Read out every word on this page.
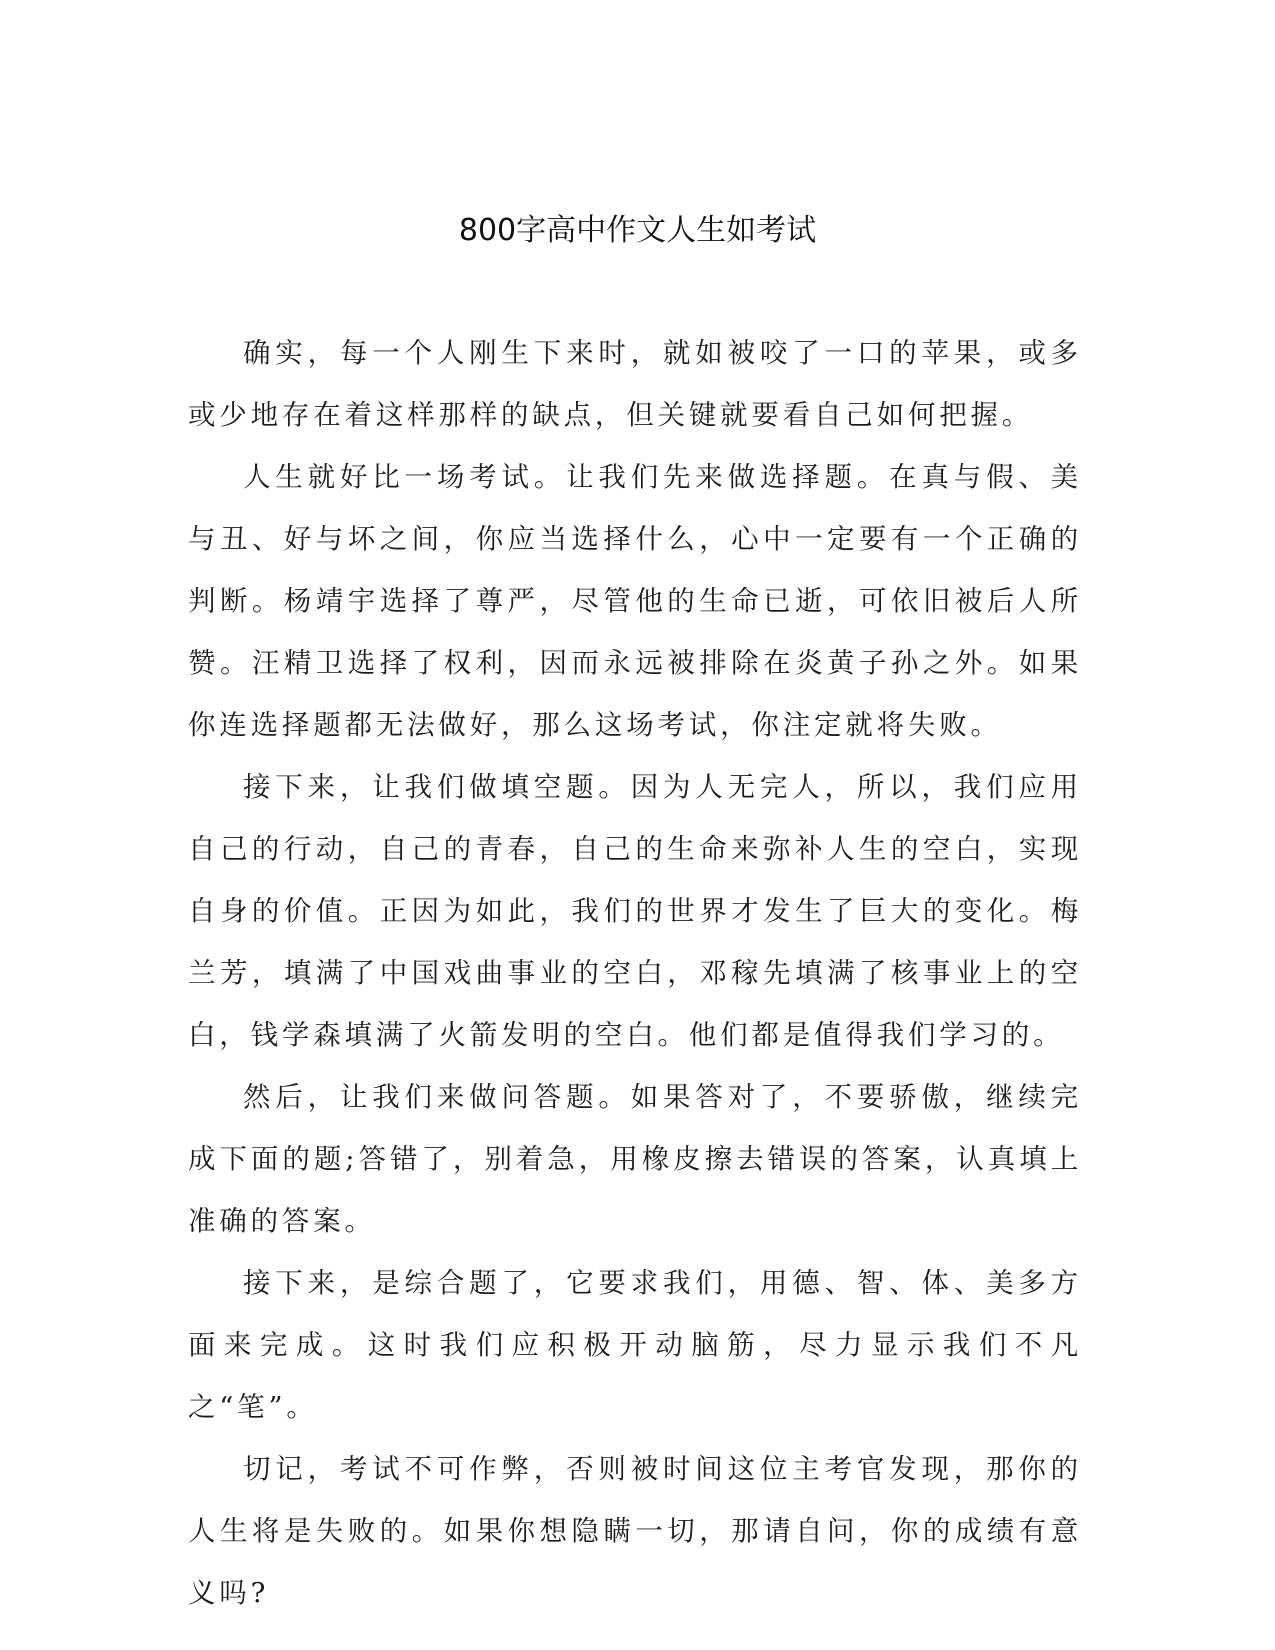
800字高中作文人生如考试

确实，每一个人刚生下来时，就如被咬了一口的苹果，或多或少地存在着这样那样的缺点，但关键就要看自己如何把握。

人生就好比一场考试。让我们先来做选择题。在真与假、美与丑、好与坏之间，你应当选择什么，心中一定要有一个正确的判断。杨靖宇选择了尊严，尽管他的生命已逝，可依旧被后人所赞。汪精卫选择了权利，因而永远被排除在炎黄子孙之外。如果你连选择题都无法做好，那么这场考试，你注定就将失败。

接下来，让我们做填空题。因为人无完人，所以，我们应用自己的行动，自己的青春，自己的生命来弥补人生的空白，实现自身的价值。正因为如此，我们的世界才发生了巨大的变化。梅兰芳，填满了中国戏曲事业的空白，邓稼先填满了核事业上的空白，钱学森填满了火箭发明的空白。他们都是值得我们学习的。

然后，让我们来做问答题。如果答对了，不要骄傲，继续完成下面的题;答错了，别着急，用橡皮擦去错误的答案，认真填上准确的答案。

接下来，是综合题了，它要求我们，用德、智、体、美多方面来完成。这时我们应积极开动脑筋，尽力显示我们不凡之“笔”。

切记，考试不可作弊，否则被时间这位主考官发现，那你的人生将是失败的。如果你想隐瞒一切，那请自问，你的成绩有意义吗?
